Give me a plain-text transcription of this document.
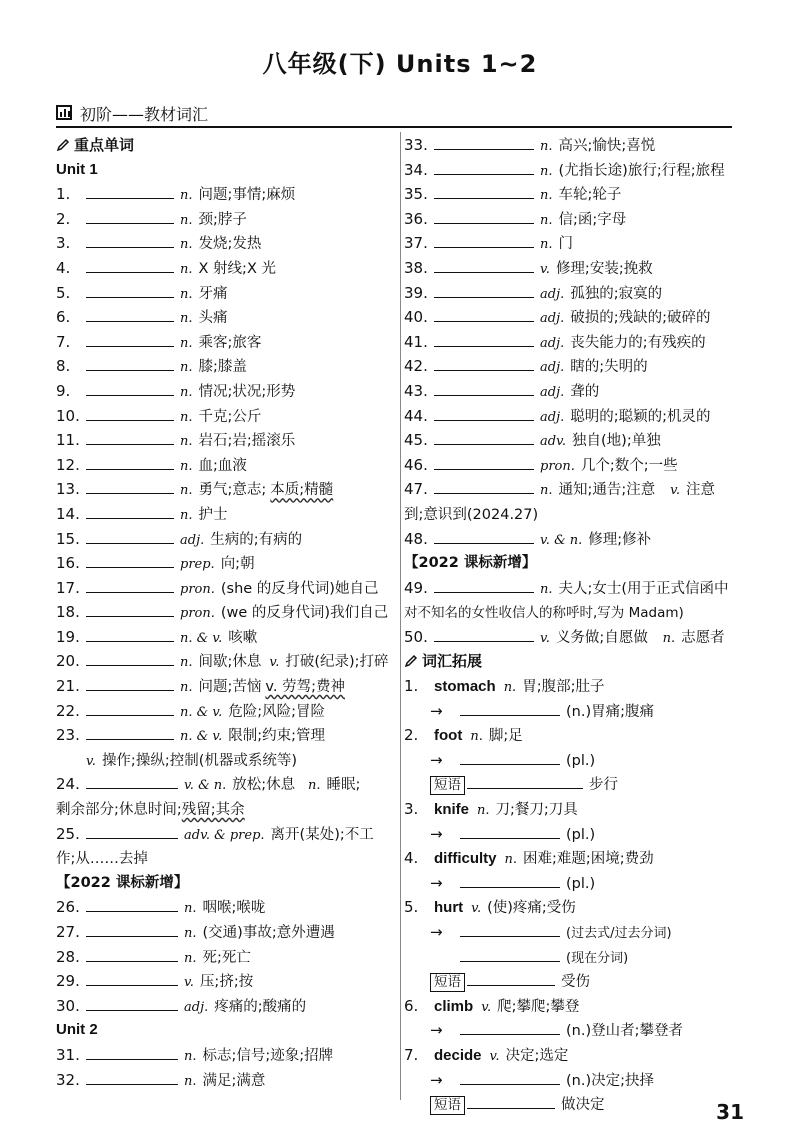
八年级(下) Units 1~2
初阶——教材词汇
重点单词
Unit 1
1.	n. 问题;事情;麻烦
2.	n. 颈;脖子
3.	n. 发烧;发热
4.	n. X 射线;X 光
5.	n. 牙痛
6.	n. 头痛
7.	n. 乘客;旅客
8.	n. 膝;膝盖
9.	n. 情况;状况;形势
10.	n. 千克;公斤
11.	n. 岩石;岩;摇滚乐
12.	n. 血;血液
13.	n. 勇气;意志; 本质;精髓
14.	n. 护士
15.	adj. 生病的;有病的
16.	prep. 向;朝
17.	pron. (she 的反身代词)她自己
18.	pron. (we 的反身代词)我们自己
19.	n. & v. 咳嗽
20.	n. 间歇;休息 v. 打破(纪录);打碎
21.	n. 问题;苦恼 v. 劳驾;费神
22.	n. & v. 危险;风险;冒险
23.	n. & v. 限制;约束;管理
v. 操作;操纵;控制(机器或系统等)
24.	v. & n. 放松;休息 n. 睡眠;
剩余部分;休息时间;残留;其余
25.	adv. & prep. 离开(某处);不工
作;从……去掉
【2022 课标新增】
26.	n. 咽喉;喉咙
27.	n. (交通)事故;意外遭遇
28.	n. 死;死亡
29.	v. 压;挤;按
30.	adj. 疼痛的;酸痛的
Unit 2
31.	n. 标志;信号;迹象;招牌
32.	n. 满足;满意
33.	n. 高兴;愉快;喜悦
34.	n. (尤指长途)旅行;行程;旅程
35.	n. 车轮;轮子
36.	n. 信;函;字母
37.	n. 门
38.	v. 修理;安装;挽救
39.	adj. 孤独的;寂寞的
40.	adj. 破损的;残缺的;破碎的
41.	adj. 丧失能力的;有残疾的
42.	adj. 瞎的;失明的
43.	adj. 聋的
44.	adj. 聪明的;聪颖的;机灵的
45.	adv. 独自(地);单独
46.	pron. 几个;数个;一些
47.	n. 通知;通告;注意 v. 注意
到;意识到(2024.27)
48.	v. & n. 修理;修补
【2022 课标新增】
49.	n. 夫人;女士(用于正式信函中
对不知名的女性收信人的称呼时,写为 Madam)
50.	v. 义务做;自愿做 n. 志愿者
词汇拓展
1. stomach n. 胃;腹部;肚子
→	(n.)胃痛;腹痛
2. foot n. 脚;足
→	(pl.)
短语	步行
3. knife n. 刀;餐刀;刀具
→	(pl.)
4. difficulty n. 困难;难题;困境;费劲
→	(pl.)
5. hurt v. (使)疼痛;受伤
→	(过去式/过去分词)
(现在分词)
短语	受伤
6. climb v. 爬;攀爬;攀登
→	(n.)登山者;攀登者
7. decide v. 决定;选定
→	(n.)决定;抉择
短语	做决定	31
